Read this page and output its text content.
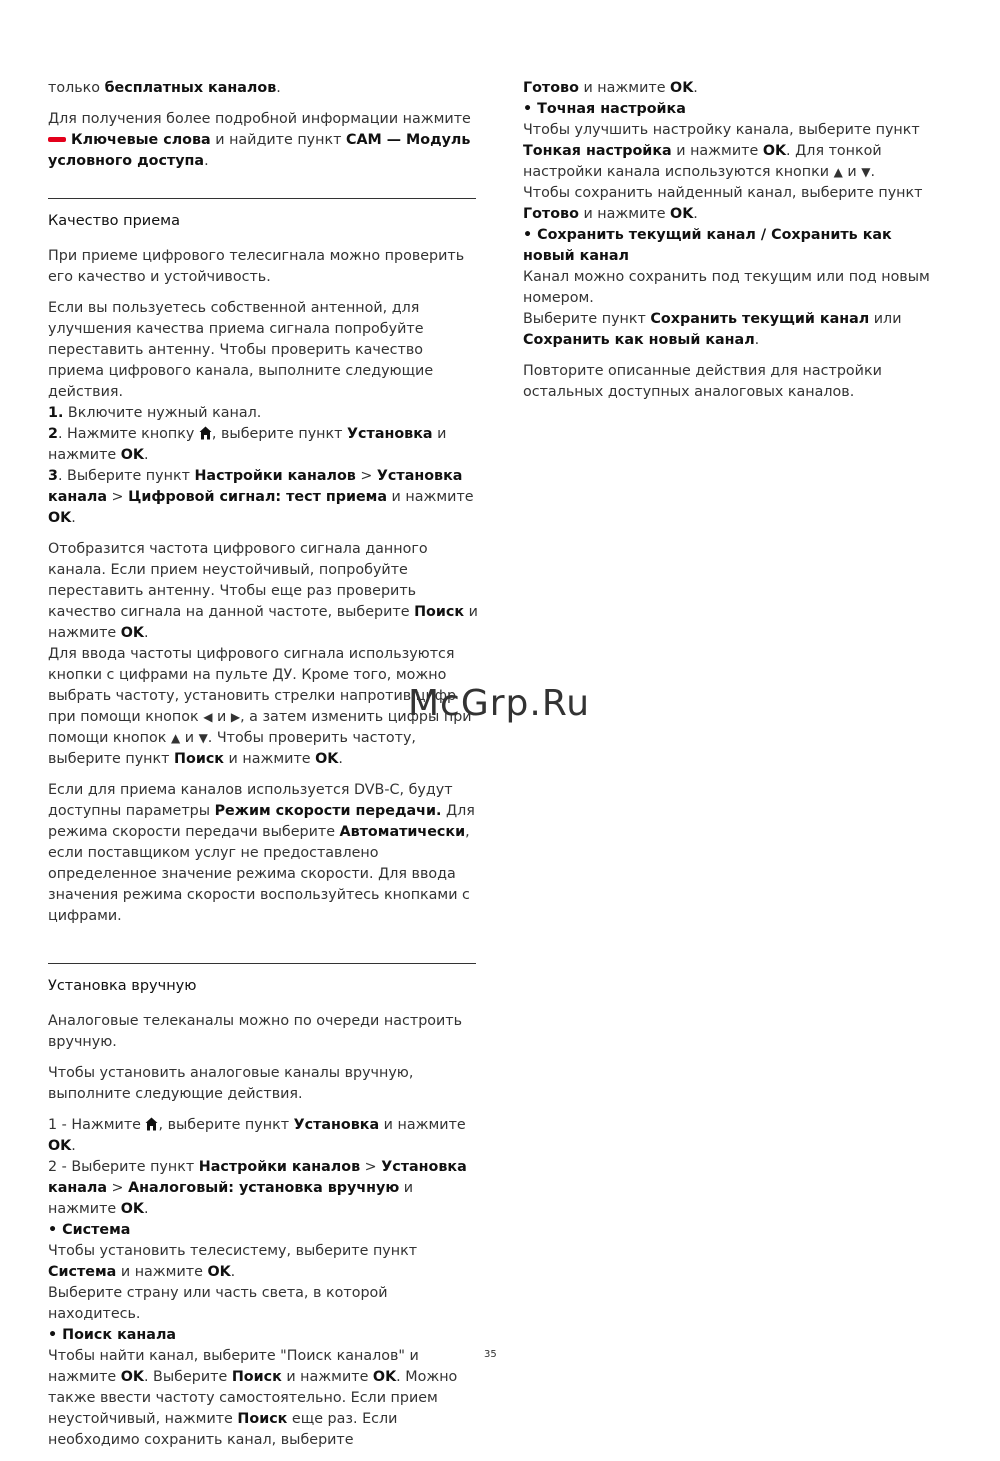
только бесплатных каналов.

Для получения более подробной информации нажмите
Ключевые слова и найдите пункт CAM — Модуль условного доступа.

Качество приема

При приеме цифрового телесигнала можно проверить его качество и устойчивость.

Если вы пользуетесь собственной антенной, для улучшения качества приема сигнала попробуйте переставить антенну. Чтобы проверить качество приема цифрового канала, выполните следующие действия.
1. Включите нужный канал.
2. Нажмите кнопку , выберите пункт Установка и нажмите OK.
3. Выберите пункт Настройки каналов > Установка канала > Цифровой сигнал: тест приема и нажмите OK.

Отобразится частота цифрового сигнала данного канала. Если прием неустойчивый, попробуйте переставить антенну. Чтобы еще раз проверить качество сигнала на данной частоте, выберите Поиск и нажмите OK.
Для ввода частоты цифрового сигнала используются кнопки с цифрами на пульте ДУ. Кроме того, можно выбрать частоту, установить стрелки напротив цифр при помощи кнопок ◀ и ▶, а затем изменить цифры при помощи кнопок ▲ и ▼. Чтобы проверить частоту, выберите пункт Поиск и нажмите OK.

Если для приема каналов используется DVB-C, будут доступны параметры Режим скорости передачи. Для режима скорости передачи выберите Автоматически, если поставщиком услуг не предоставлено определенное значение режима скорости. Для ввода значения режима скорости воспользуйтесь кнопками с цифрами.

Установка вручную

Аналоговые телеканалы можно по очереди настроить вручную.

Чтобы установить аналоговые каналы вручную, выполните следующие действия.

1 - Нажмите , выберите пункт Установка и нажмите OK.
2 - Выберите пункт Настройки каналов > Установка канала > Аналоговый: установка вручную и нажмите OK.
• Система
Чтобы установить телесистему, выберите пункт Система и нажмите OK.
Выберите страну или часть света, в которой находитесь.
• Поиск канала
Чтобы найти канал, выберите "Поиск каналов" и нажмите OK. Выберите Поиск и нажмите OK. Можно также ввести частоту самостоятельно. Если прием неустойчивый, нажмите Поиск еще раз. Если необходимо сохранить канал, выберите

Готово и нажмите OK.
• Точная настройка
Чтобы улучшить настройку канала, выберите пункт Тонкая настройка и нажмите OK. Для тонкой настройки канала используются кнопки ▲ и ▼.
Чтобы сохранить найденный канал, выберите пункт Готово и нажмите OK.
• Сохранить текущий канал / Сохранить как новый канал
Канал можно сохранить под текущим или под новым номером.
Выберите пункт Сохранить текущий канал или Сохранить как новый канал.

Повторите описанные действия для настройки остальных доступных аналоговых каналов.

McGrp.Ru
35
